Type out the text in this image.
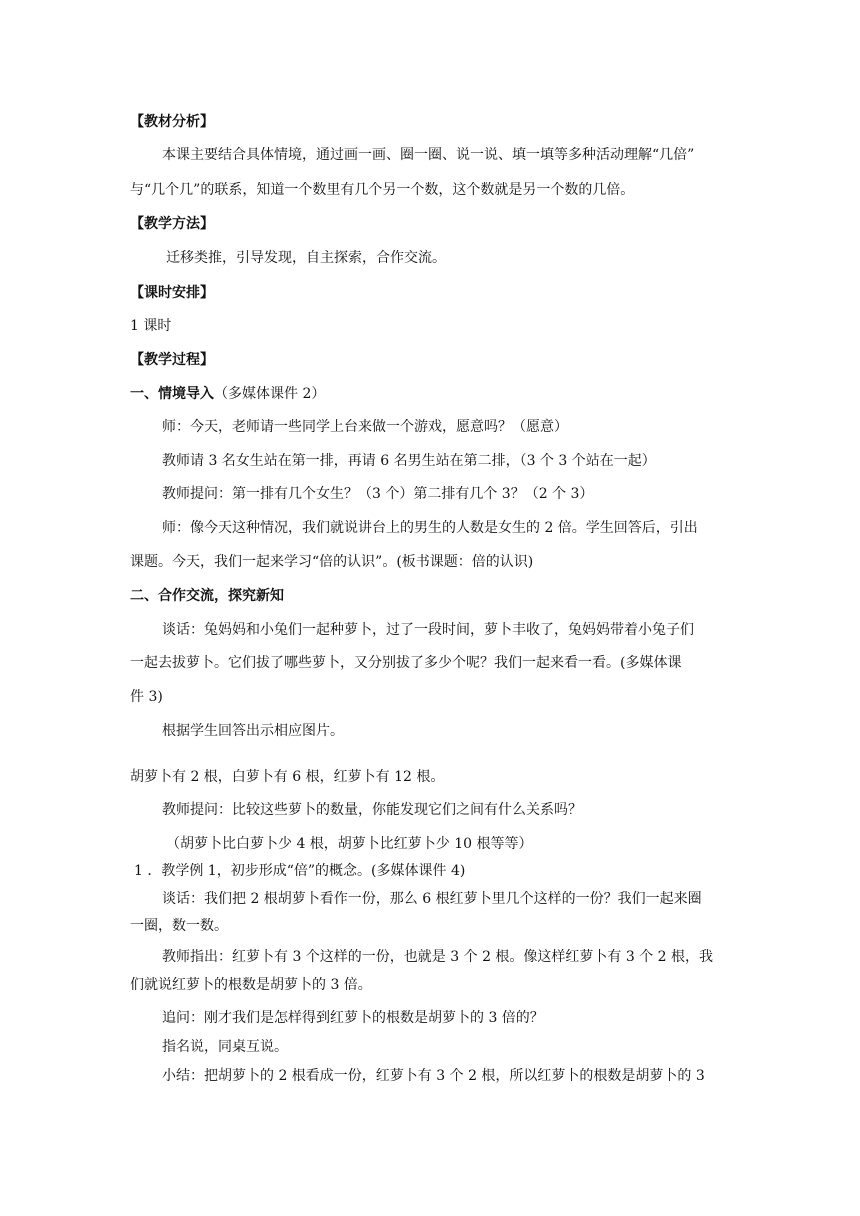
【教材分析】
本课主要结合具体情境，通过画一画、圈一圈、说一说、填一填等多种活动理解“几倍”
与“几个几”的联系，知道一个数里有几个另一个数，这个数就是另一个数的几倍。
【教学方法】
迁移类推，引导发现，自主探索，合作交流。
【课时安排】
1 课时
【教学过程】
一、情境导入（多媒体课件 2）
师：今天，老师请一些同学上台来做一个游戏，愿意吗？（愿意）
教师请 3 名女生站在第一排，再请 6 名男生站在第二排，（3 个 3 个站在一起）
教师提问：第一排有几个女生？（3 个）第二排有几个 3？（2 个 3）
师：像今天这种情况，我们就说讲台上的男生的人数是女生的 2 倍。学生回答后，引出
课题。今天，我们一起来学习“倍的认识”。(板书课题：倍的认识)
二、合作交流，探究新知
谈话：兔妈妈和小兔们一起种萝卜，过了一段时间，萝卜丰收了，兔妈妈带着小兔子们
一起去拔萝卜。它们拔了哪些萝卜，又分别拔了多少个呢？我们一起来看一看。(多媒体课
件 3)
根据学生回答出示相应图片。
胡萝卜有 2 根，白萝卜有 6 根，红萝卜有 12 根。
教师提问：比较这些萝卜的数量，你能发现它们之间有什么关系吗？
（胡萝卜比白萝卜少 4 根，胡萝卜比红萝卜少 10 根等等）
1 ．教学例 1，初步形成“倍”的概念。(多媒体课件 4)
谈话：我们把 2 根胡萝卜看作一份，那么 6 根红萝卜里几个这样的一份？我们一起来圈
一圈，数一数。
教师指出：红萝卜有 3 个这样的一份，也就是 3 个 2 根。像这样红萝卜有 3 个 2 根，我
们就说红萝卜的根数是胡萝卜的 3 倍。
追问：刚才我们是怎样得到红萝卜的根数是胡萝卜的 3 倍的？
指名说，同桌互说。
小结：把胡萝卜的 2 根看成一份，红萝卜有 3 个 2 根，所以红萝卜的根数是胡萝卜的 3
